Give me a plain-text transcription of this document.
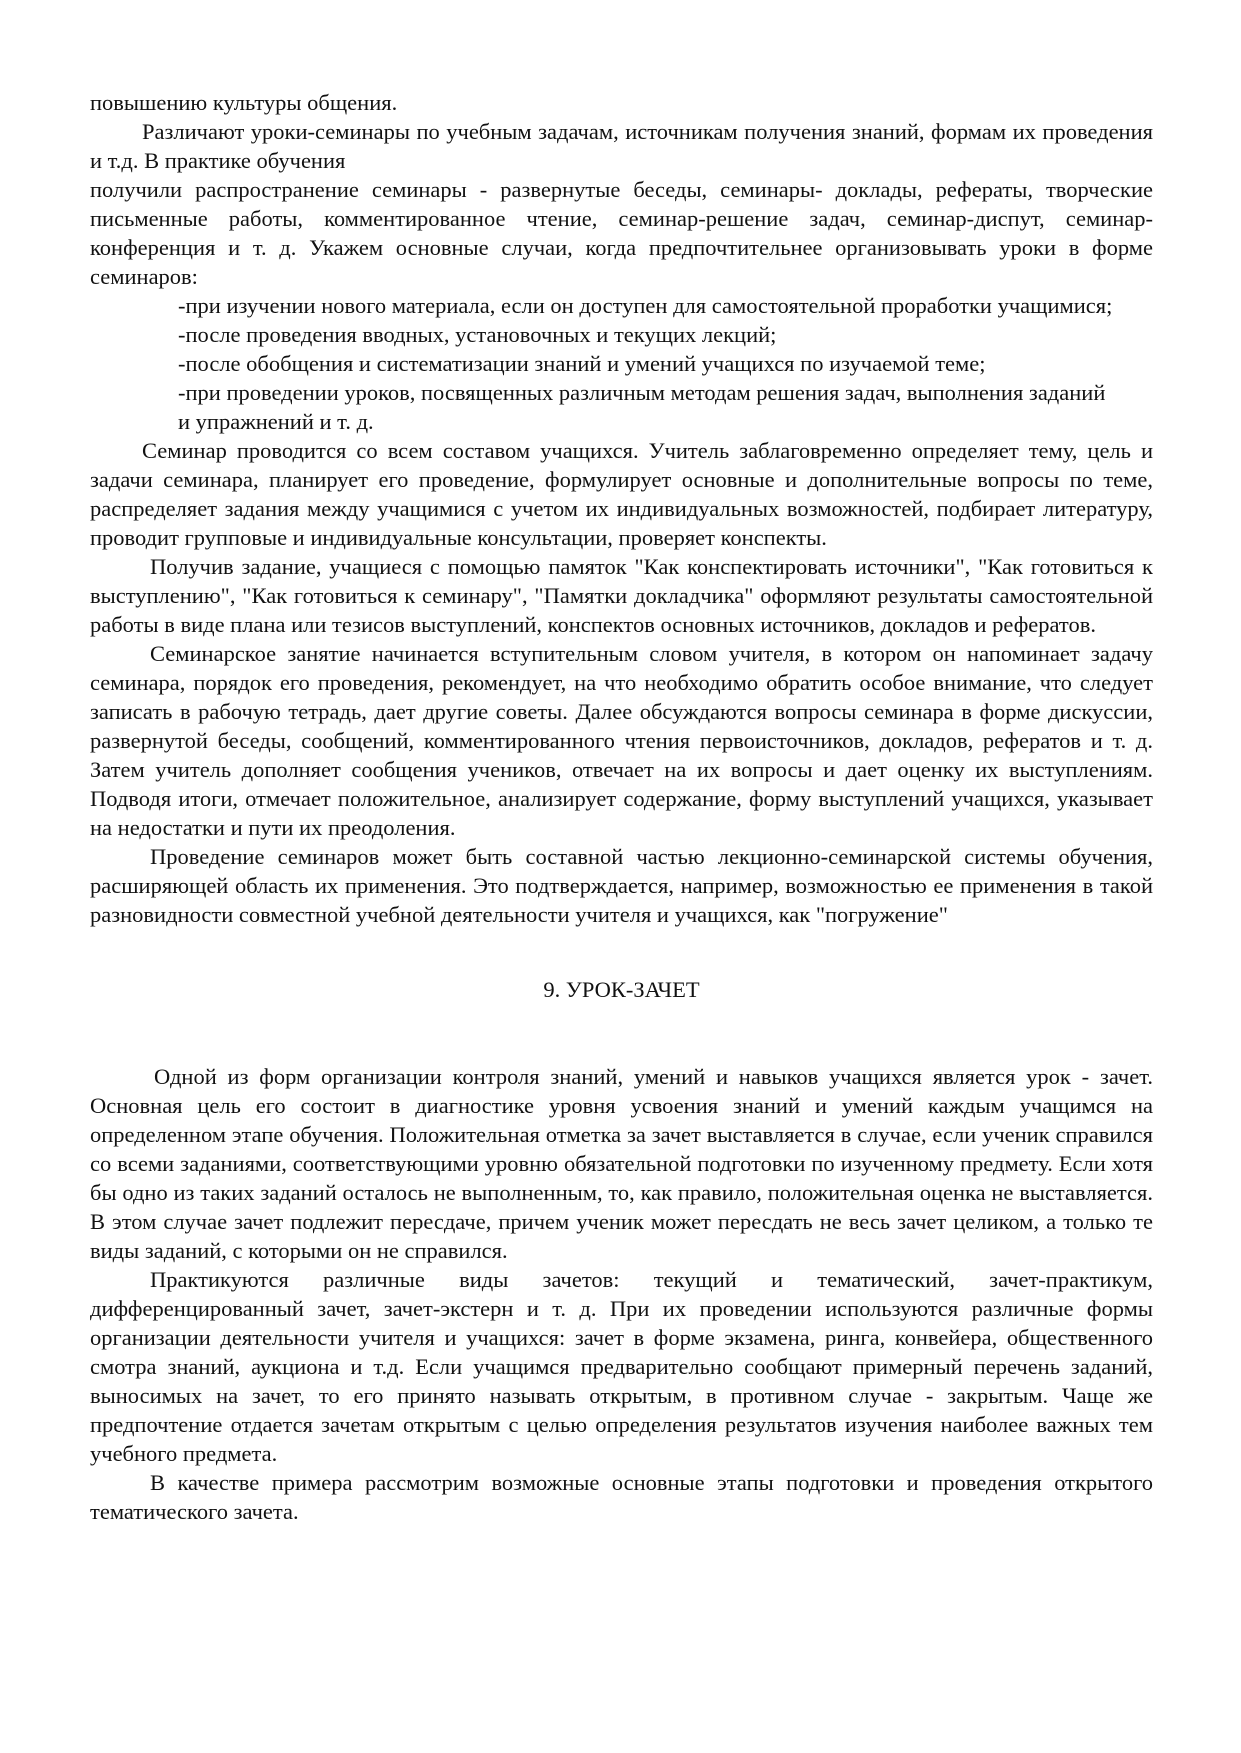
повышению культуры общения.

Различают уроки-семинары по учебным задачам, источникам получения знаний, формам их проведения и т.д. В практике обучения

получили распространение семинары - развернутые беседы, семинары- доклады, рефераты, творческие письменные работы, комментированное чтение, семинар-решение задач, семинар-диспут, семинар-конференция и т. д. Укажем основные случаи, когда предпочтительнее организовывать уроки в форме семинаров:

-при изучении нового материала, если он доступен для самостоятельной проработки учащимися;

-после проведения вводных, установочных и текущих лекций;

-после обобщения и систематизации знаний и умений учащихся по изучаемой теме;

-при проведении уроков, посвященных различным методам решения задач, выполнения заданий и упражнений и т. д.

Семинар проводится со всем составом учащихся. Учитель заблаговременно определяет тему, цель и задачи семинара, планирует его проведение, формулирует основные и дополнительные вопросы по теме, распределяет задания между учащимися с учетом их индивидуальных возможностей, подбирает литературу, проводит групповые и индивидуальные консультации, проверяет конспекты.

Получив задание, учащиеся с помощью памяток "Как конспектировать источники", "Как готовиться к выступлению", "Как готовиться к семинару", "Памятки докладчика" оформляют результаты самостоятельной работы в виде плана или тезисов выступлений, конспектов основных источников, докладов и рефератов.

Семинарское занятие начинается вступительным словом учителя, в котором он напоминает задачу семинара, порядок его проведения, рекомендует, на что необходимо обратить особое внимание, что следует записать в рабочую тетрадь, дает другие советы. Далее обсуждаются вопросы семинара в форме дискуссии, развернутой беседы, сообщений, комментированного чтения первоисточников, докладов, рефератов и т. д. Затем учитель дополняет сообщения учеников, отвечает на их вопросы и дает оценку их выступлениям. Подводя итоги, отмечает положительное, анализирует содержание, форму выступлений учащихся, указывает на недостатки и пути их преодоления.

Проведение семинаров может быть составной частью лекционно-семинарской системы обучения, расширяющей область их применения. Это подтверждается, например, возможностью ее применения в такой разновидности совместной учебной деятельности учителя и учащихся, как "погружение"

9. УРОК-ЗАЧЕТ

Одной из форм организации контроля знаний, умений и навыков учащихся является урок - зачет. Основная цель его состоит в диагностике уровня усвоения знаний и умений каждым учащимся на определенном этапе обучения. Положительная отметка за зачет выставляется в случае, если ученик справился со всеми заданиями, соответствующими уровню обязательной подготовки по изученному предмету. Если хотя бы одно из таких заданий осталось не выполненным, то, как правило, положительная оценка не выставляется. В этом случае зачет подлежит пересдаче, причем ученик может пересдать не весь зачет целиком, а только те виды заданий, с которыми он не справился.

Практикуются различные виды зачетов: текущий и тематический, зачет-практикум, дифференцированный зачет, зачет-экстерн и т. д. При их проведении используются различные формы организации деятельности учителя и учащихся: зачет в форме экзамена, ринга, конвейера, общественного смотра знаний, аукциона и т.д. Если учащимся предварительно сообщают примерный перечень заданий, выносимых на зачет, то его принято называть открытым, в противном случае - закрытым. Чаще же предпочтение отдается зачетам открытым с целью определения результатов изучения наиболее важных тем учебного предмета.

В качестве примера рассмотрим возможные основные этапы подготовки и проведения открытого тематического зачета.
